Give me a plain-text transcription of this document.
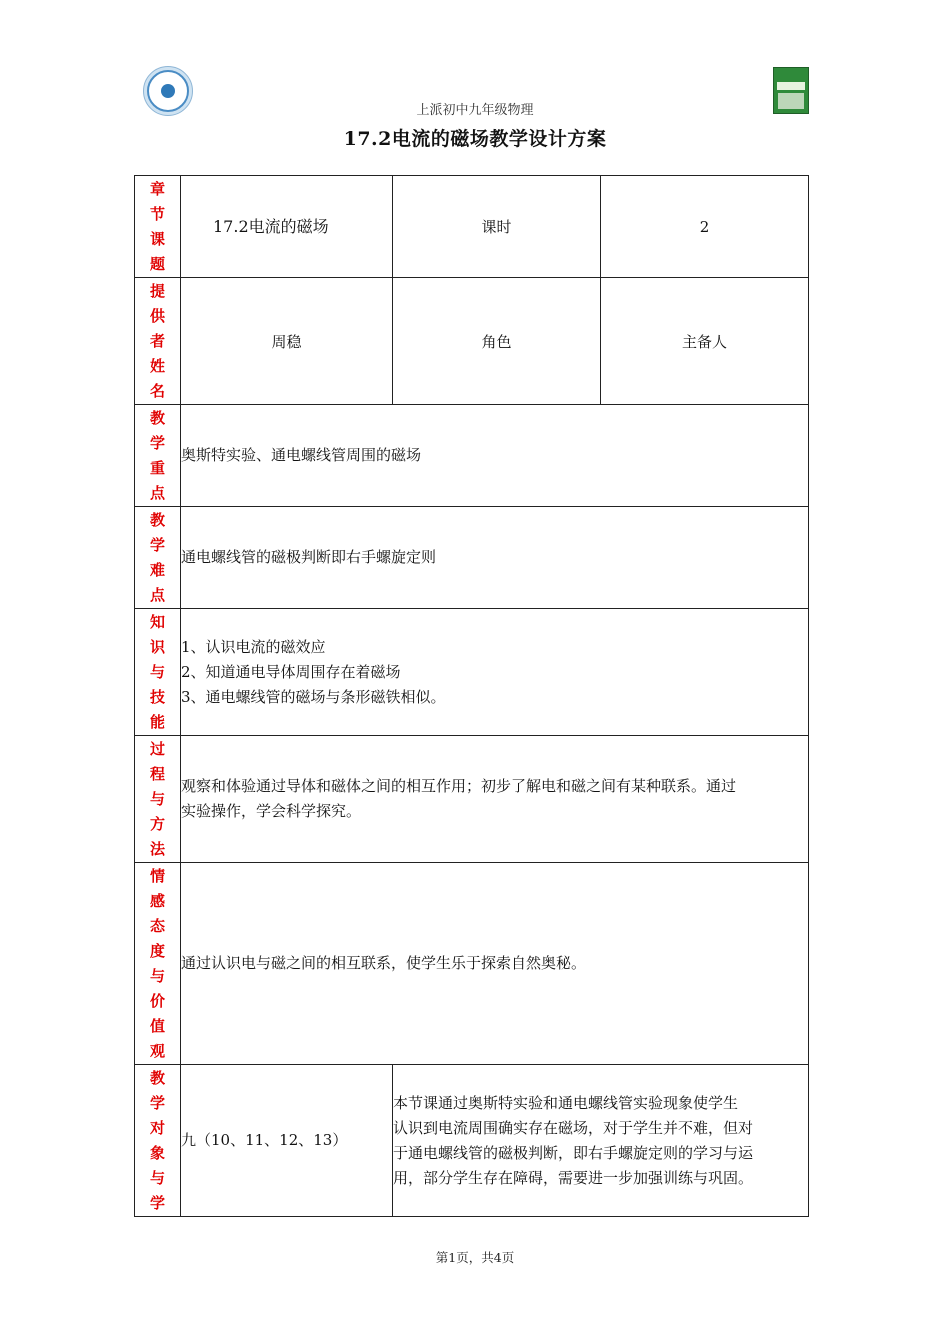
上派初中九年级物理
17.2电流的磁场教学设计方案
章节课题	17.2电流的磁场	课时	2

提供者姓名	周稳	角色	主备人

教学重点	奥斯特实验、通电螺线管周围的磁场		

教学难点	通电螺线管的磁极判断即右手螺旋定则		

知识与技能	1、认识电流的磁效应
2、知道通电导体周围存在着磁场
3、通电螺线管的磁场与条形磁铁相似。		

过程与方法	观察和体验通过导体和磁体之间的相互作用；初步了解电和磁之间有某种联系。通过
实验操作，学会科学探究。		

情感态度与价值观	通过认识电与磁之间的相互联系，使学生乐于探索自然奥秘。		

教学对象与学	九（10、11、12、13）	本节课通过奥斯特实验和通电螺线管实验现象使学生
认识到电流周围确实存在磁场，对于学生并不难，但对
于通电螺线管的磁极判断，即右手螺旋定则的学习与运
用，部分学生存在障碍，需要进一步加强训练与巩固。	
第1页，共4页
